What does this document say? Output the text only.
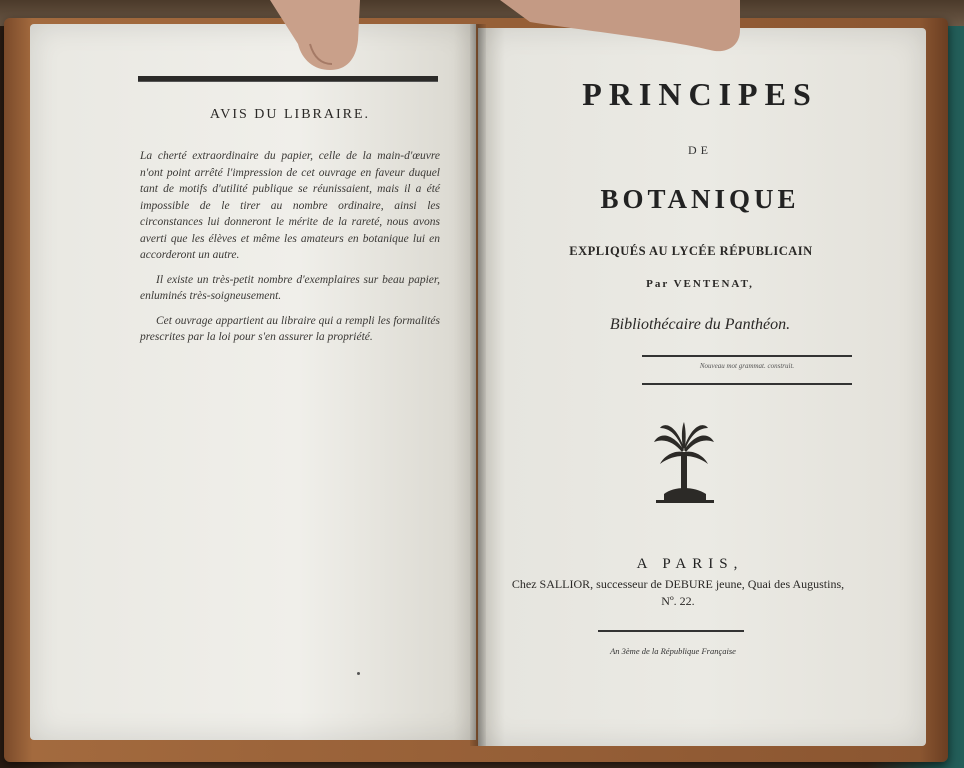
AVIS DU LIBRAIRE.

La cherté extraordinaire du papier, celle de la main-d'œuvre n'ont point arrêté l'impression de cet ouvrage en faveur duquel tant de motifs d'utilité publique se réunissaient, mais il a été impossible de le tirer au nombre ordinaire, ainsi les circonstances lui donneront le mérite de la rareté, nous avons averti que les élèves et même les amateurs en botanique lui en accorderont un autre.

Il existe un très-petit nombre d'exemplaires sur beau papier, enluminés très-soigneusement.

Cet ouvrage appartient au libraire qui a rempli les formalités prescrites par la loi pour s'en assurer la propriété.

PRINCIPES
DE
BOTANIQUE
EXPLIQUÉS AU LYCÉE RÉPUBLICAIN
Par VENTENAT,
Bibliothécaire du Panthéon.
Nouveau mot grammat. construit.
A PARIS,
Chez SALLIOR, successeur de DEBURE jeune, Quai des Augustins, Nº. 22.
An 3ème de la République Française
